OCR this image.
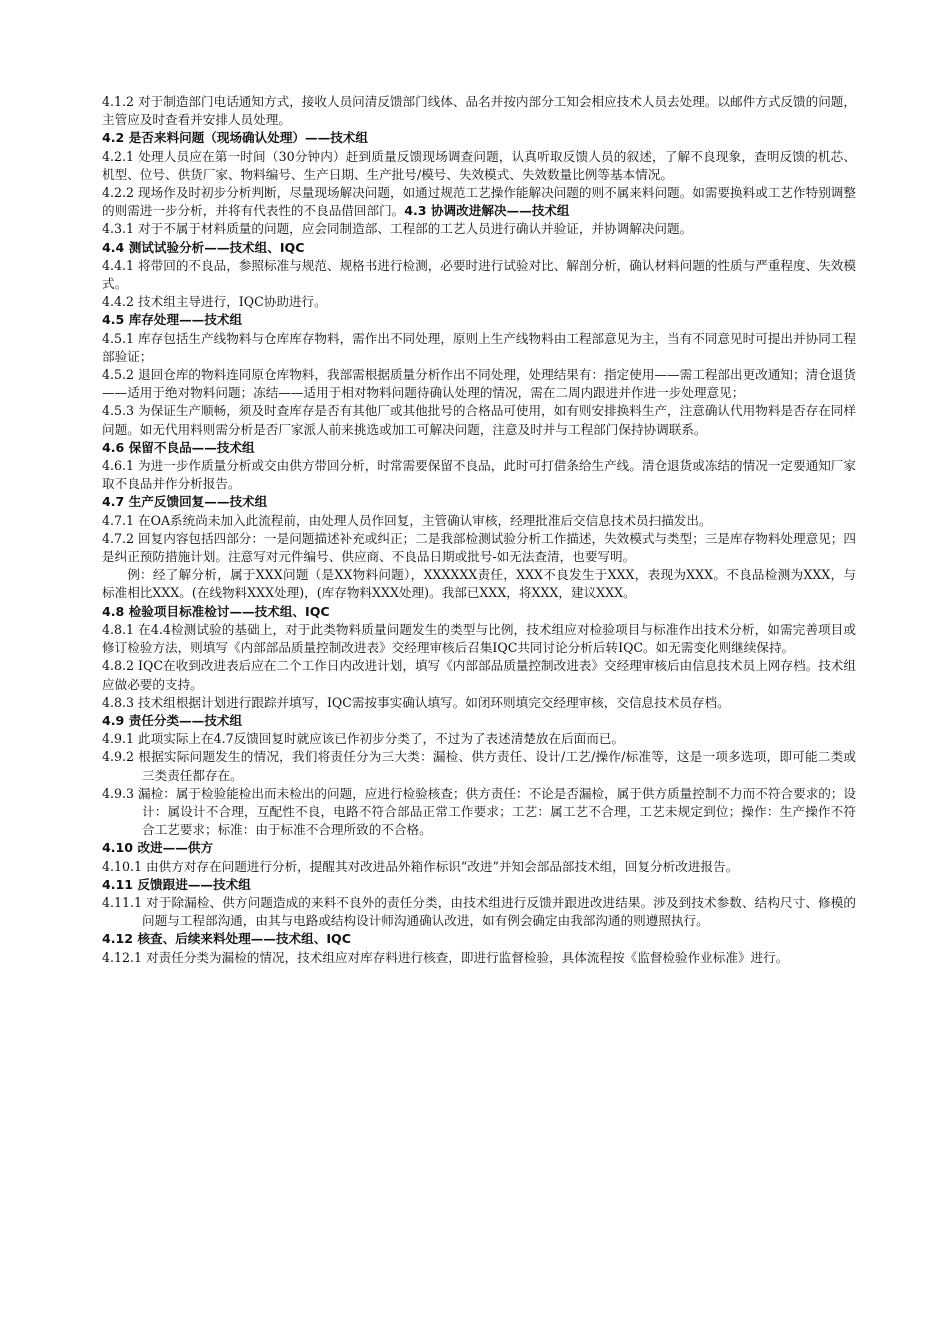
4.1.2 对于制造部门电话通知方式，接收人员问清反馈部门线体、品名并按内部分工知会相应技术人员去处理。以邮件方式反馈的问题，主管应及时查看并安排人员处理。

4.2 是否来料问题（现场确认处理）——技术组

4.2.1 处理人员应在第一时间（30分钟内）赶到质量反馈现场调查问题，认真听取反馈人员的叙述，了解不良现象，查明反馈的机芯、机型、位号、供货厂家、物料编号、生产日期、生产批号/模号、失效模式、失效数量比例等基本情况。

4.2.2 现场作及时初步分析判断，尽量现场解决问题，如通过规范工艺操作能解决问题的则不属来料问题。如需要换料或工艺作特别调整的则需进一步分析，并将有代表性的不良品借回部门。4.3 协调改进解决——技术组

4.3.1 对于不属于材料质量的问题，应会同制造部、工程部的工艺人员进行确认并验证，并协调解决问题。

4.4 测试试验分析——技术组、IQC

4.4.1 将带回的不良品，参照标准与规范、规格书进行检测，必要时进行试验对比、解剖分析，确认材料问题的性质与严重程度、失效模式。

4.4.2 技术组主导进行，IQC协助进行。

4.5 库存处理——技术组

4.5.1 库存包括生产线物料与仓库库存物料，需作出不同处理，原则上生产线物料由工程部意见为主，当有不同意见时可提出并协同工程部验证；

4.5.2 退回仓库的物料连同原仓库物料，我部需根据质量分析作出不同处理，处理结果有：指定使用——需工程部出更改通知；清仓退货——适用于绝对物料问题；冻结——适用于相对物料问题待确认处理的情况，需在二周内跟进并作进一步处理意见；

4.5.3 为保证生产顺畅，须及时查库存是否有其他厂或其他批号的合格品可使用，如有则安排换料生产，注意确认代用物料是否存在同样问题。如无代用料则需分析是否厂家派人前来挑选或加工可解决问题，注意及时并与工程部门保持协调联系。

4.6 保留不良品——技术组

4.6.1 为进一步作质量分析或交由供方带回分析，时常需要保留不良品，此时可打借条给生产线。清仓退货或冻结的情况一定要通知厂家取不良品并作分析报告。

4.7 生产反馈回复——技术组

4.7.1 在OA系统尚未加入此流程前，由处理人员作回复，主管确认审核，经理批准后交信息技术员扫描发出。

4.7.2 回复内容包括四部分：一是问题描述补充或纠正；二是我部检测试验分析工作描述，失效模式与类型；三是库存物料处理意见；四是纠正预防措施计划。注意写对元件编号、供应商、不良品日期或批号-如无法查清，也要写明。

例：经了解分析，属于XXX问题（是XX物料问题），XXXXXX责任，XXX不良发生于XXX，表现为XXX。不良品检测为XXX，与标准相比XXX。(在线物料XXX处理)，(库存物料XXX处理)。我部已XXX，将XXX，建议XXX。

4.8 检验项目标准检讨——技术组、IQC

4.8.1 在4.4检测试验的基础上，对于此类物料质量问题发生的类型与比例，技术组应对检验项目与标准作出技术分析，如需完善项目或修订检验方法，则填写《内部部品质量控制改进表》交经理审核后召集IQC共同讨论分析后转IQC。如无需变化则继续保持。

4.8.2 IQC在收到改进表后应在二个工作日内改进计划，填写《内部部品质量控制改进表》交经理审核后由信息技术员上网存档。技术组应做必要的支持。

4.8.3 技术组根据计划进行跟踪并填写，IQC需按事实确认填写。如闭环则填完交经理审核，交信息技术员存档。

4.9 责任分类——技术组

4.9.1 此项实际上在4.7反馈回复时就应该已作初步分类了，不过为了表述清楚放在后面而已。

4.9.2 根据实际问题发生的情况，我们将责任分为三大类：漏检、供方责任、设计/工艺/操作/标准等，这是一项多选项，即可能二类或三类责任都存在。

4.9.3 漏检：属于检验能检出而未检出的问题，应进行检验核查；供方责任：不论是否漏检，属于供方质量控制不力而不符合要求的；设计：属设计不合理，互配性不良，电路不符合部品正常工作要求；工艺：属工艺不合理，工艺未规定到位；操作：生产操作不符合工艺要求；标准：由于标准不合理所致的不合格。

4.10 改进——供方

4.10.1 由供方对存在问题进行分析，提醒其对改进品外箱作标识“改进”并知会部品部技术组，回复分析改进报告。

4.11 反馈跟进——技术组

4.11.1 对于除漏检、供方问题造成的来料不良外的责任分类，由技术组进行反馈并跟进改进结果。涉及到技术参数、结构尺寸、修模的问题与工程部沟通，由其与电路或结构设计师沟通确认改进，如有例会确定由我部沟通的则遵照执行。

4.12 核查、后续来料处理——技术组、IQC

4.12.1 对责任分类为漏检的情况，技术组应对库存料进行核查，即进行监督检验，具体流程按《监督检验作业标准》进行。
